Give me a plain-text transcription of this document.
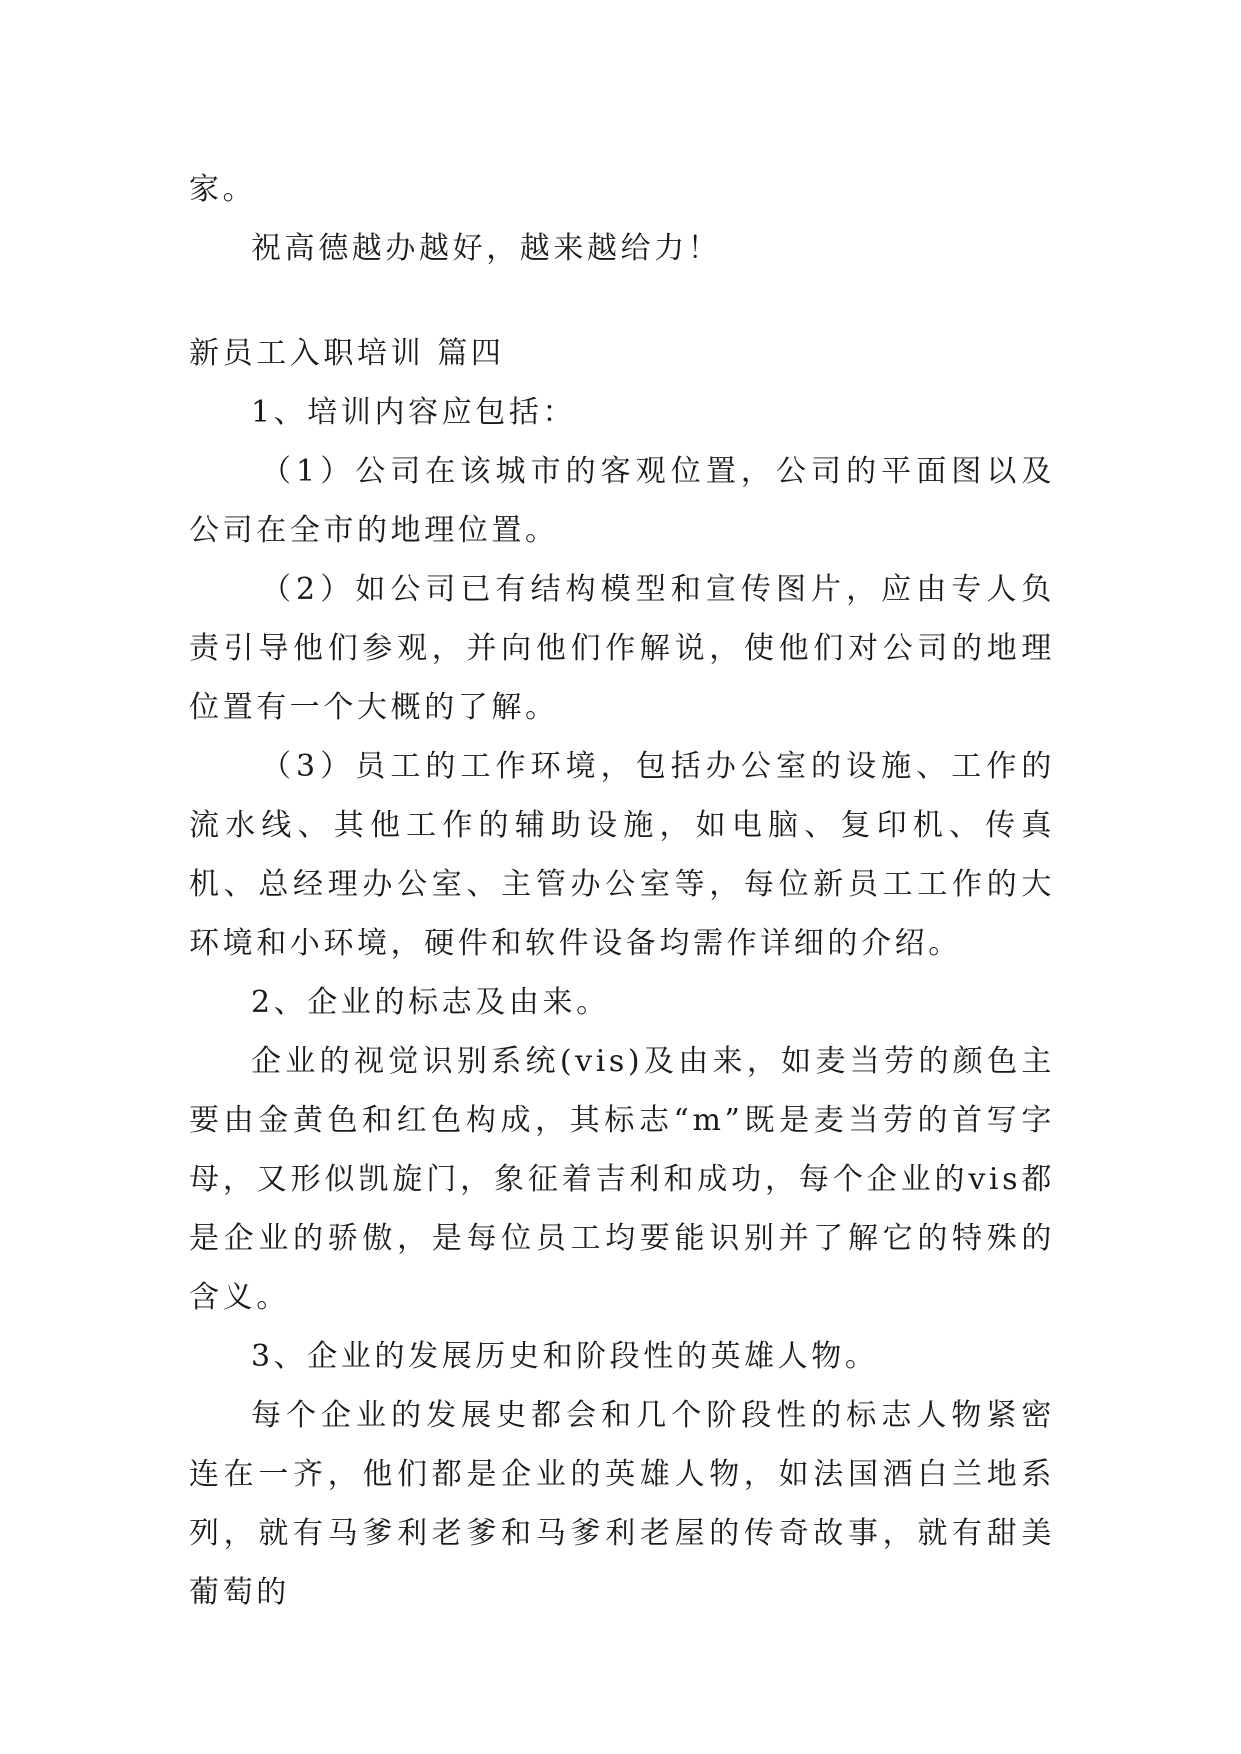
家。

祝高德越办越好，越来越给力！

新员工入职培训 篇四

1、培训内容应包括：

（1）公司在该城市的客观位置，公司的平面图以及公司在全市的地理位置。

（2）如公司已有结构模型和宣传图片，应由专人负责引导他们参观，并向他们作解说，使他们对公司的地理位置有一个大概的了解。

（3）员工的工作环境，包括办公室的设施、工作的流水线、其他工作的辅助设施，如电脑、复印机、传真机、总经理办公室、主管办公室等，每位新员工工作的大环境和小环境，硬件和软件设备均需作详细的介绍。

2、企业的标志及由来。

企业的视觉识别系统(vis)及由来，如麦当劳的颜色主要由金黄色和红色构成，其标志“m”既是麦当劳的首写字母，又形似凯旋门，象征着吉利和成功，每个企业的vis都是企业的骄傲，是每位员工均要能识别并了解它的特殊的含义。

3、企业的发展历史和阶段性的英雄人物。

每个企业的发展史都会和几个阶段性的标志人物紧密连在一齐，他们都是企业的英雄人物，如法国酒白兰地系列，就有马爹利老爹和马爹利老屋的传奇故事，就有甜美葡萄的
